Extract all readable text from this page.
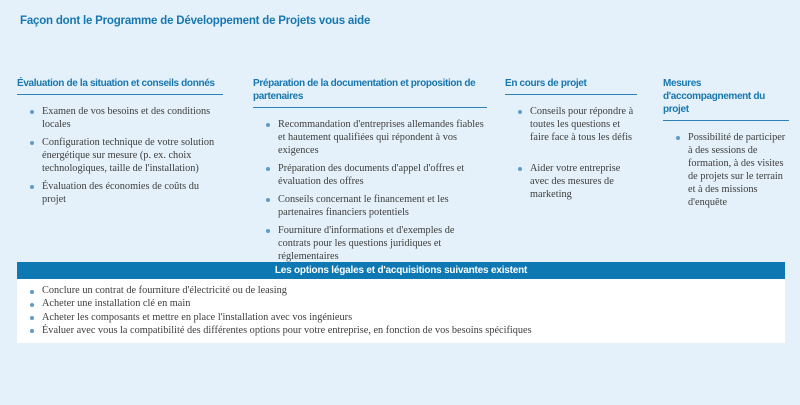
Façon dont le Programme de Développement de Projets vous aide
Évaluation de la situation et conseils donnés
Examen de vos besoins et des conditions locales
Configuration technique de votre solution énergétique sur mesure (p. ex. choix technologiques, taille de l'installation)
Évaluation des économies de coûts du projet
Préparation de la documentation et proposition de partenaires
Recommandation d'entreprises allemandes fiables et hautement qualifiées qui répondent à vos exigences
Préparation des documents d'appel d'offres et évaluation des offres
Conseils concernant le financement et les partenaires financiers potentiels
Fourniture d'informations et d'exemples de contrats pour les questions juridiques et réglementaires
En cours de projet
Conseils pour répondre à toutes les questions et faire face à tous les défis
Aider votre entreprise avec des mesures de marketing
Mesures d'accompagnement du projet
Possibilité de participer à des sessions de formation, à des visites de projets sur le terrain et à des missions d'enquête
Les options légales et d'acquisitions suivantes existent
Conclure un contrat de fourniture d'électricité ou de leasing
Acheter une installation clé en main
Acheter les composants et mettre en place l'installation avec vos ingénieurs
Évaluer avec vous la compatibilité des différentes options pour votre entreprise, en fonction de vos besoins spécifiques
